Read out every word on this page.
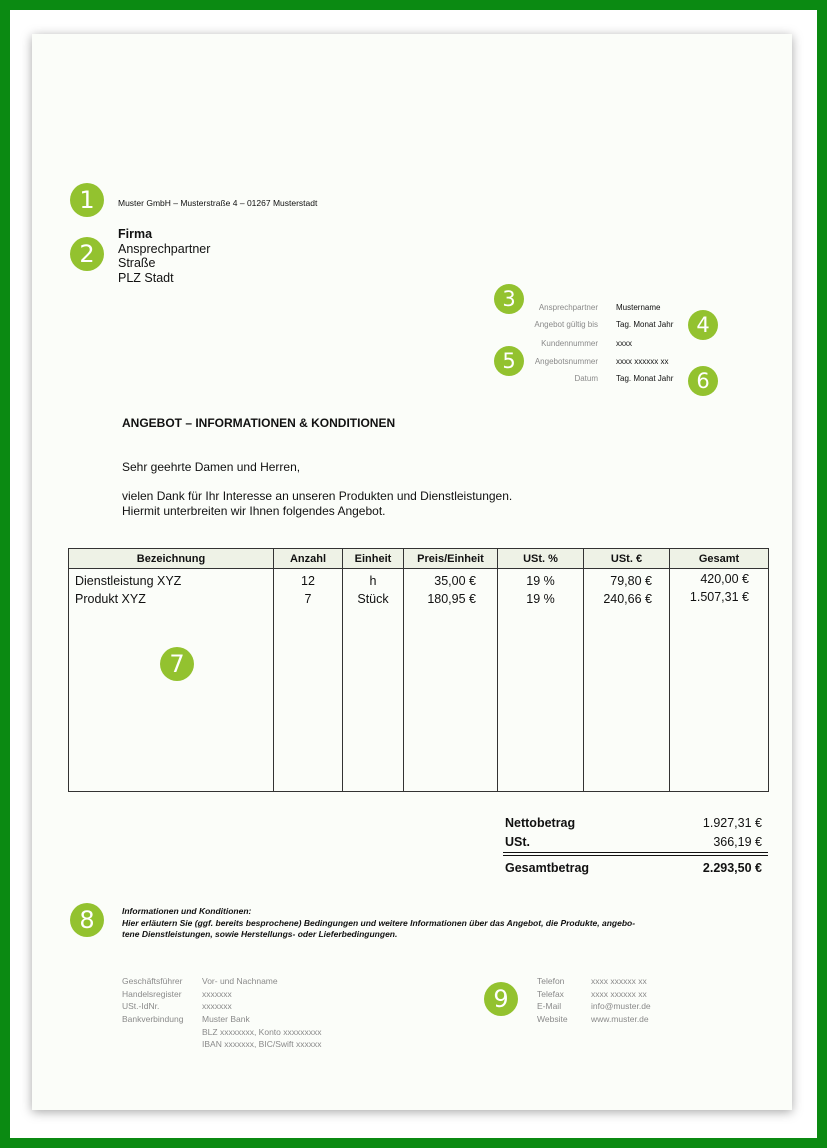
1	Muster GmbH – Musterstraße 4 – 01267 Musterstadt
2
Firma
Ansprechpartner
Straße
PLZ Stadt
3
4
5
6
Ansprechpartner Mustername
Angebot gültig bis Tag. Monat Jahr
Kundennummer xxxx
Angebotsnummer xxxx xxxxxx xx
Datum Tag. Monat Jahr
ANGEBOT – INFORMATIONEN & KONDITIONEN
Sehr geehrte Damen und Herren,
vielen Dank für Ihr Interesse an unseren Produkten und Dienstleistungen.
Hiermit unterbreiten wir Ihnen folgendes Angebot.
Bezeichnung	Anzahl	Einheit	Preis/Einheit	USt. %	USt. €	Gesamt
Dienstleistung XYZ	12	h	35,00 €	19 %	79,80 €	420,00 €
Produkt XYZ	7	Stück	180,95 €	19 %	240,66 €	1.507,31 €
7
Nettobetrag	1.927,31 €
USt.	366,19 €
Gesamtbetrag	2.293,50 €
8	Informationen und Konditionen:
Hier erläutern Sie (ggf. bereits besprochene) Bedingungen und weitere Informationen über das Angebot, die Produkte, angebo-
tene Dienstleistungen, sowie Herstellungs- oder Lieferbedingungen.
Geschäftsführer Vor- und Nachname
Handelsregister xxxxxxx
USt.-IdNr.	xxxxxxx
Bankverbindung Muster Bank
BLZ xxxxxxxx, Konto xxxxxxxxx
IBAN xxxxxxx, BIC/Swift xxxxxx
9
Telefon	xxxx xxxxxx xx
Telefax	xxxx xxxxxx xx
E-Mail	info@muster.de
Website	www.muster.de
